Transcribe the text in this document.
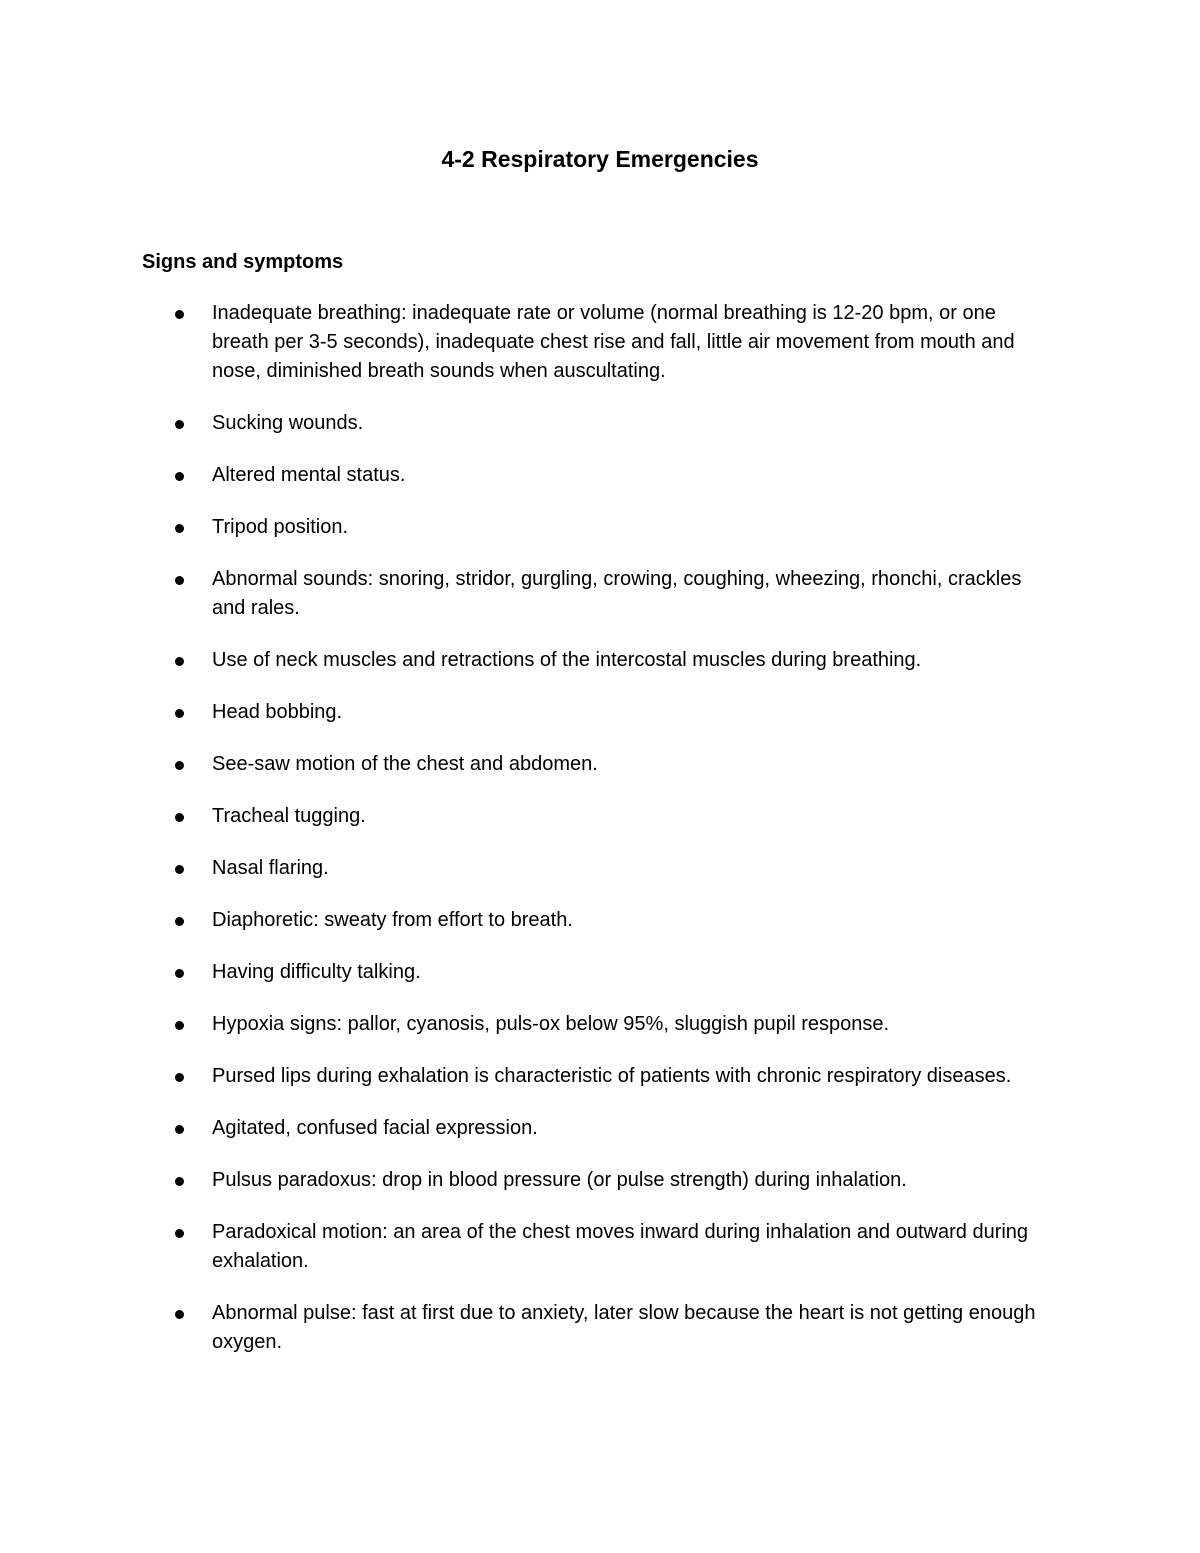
4-2 Respiratory Emergencies
Signs and symptoms
Inadequate breathing: inadequate rate or volume (normal breathing is 12-20 bpm, or one breath per 3-5 seconds), inadequate chest rise and fall, little air movement from mouth and nose, diminished breath sounds when auscultating.
Sucking wounds.
Altered mental status.
Tripod position.
Abnormal sounds: snoring, stridor, gurgling, crowing, coughing, wheezing, rhonchi, crackles and rales.
Use of neck muscles and retractions of the intercostal muscles during breathing.
Head bobbing.
See-saw motion of the chest and abdomen.
Tracheal tugging.
Nasal flaring.
Diaphoretic: sweaty from effort to breath.
Having difficulty talking.
Hypoxia signs: pallor, cyanosis, puls-ox below 95%, sluggish pupil response.
Pursed lips during exhalation is characteristic of patients with chronic respiratory diseases.
Agitated, confused facial expression.
Pulsus paradoxus: drop in blood pressure (or pulse strength) during inhalation.
Paradoxical motion: an area of the chest moves inward during inhalation and outward during exhalation.
Abnormal pulse: fast at first due to anxiety, later slow because the heart is not getting enough oxygen.
